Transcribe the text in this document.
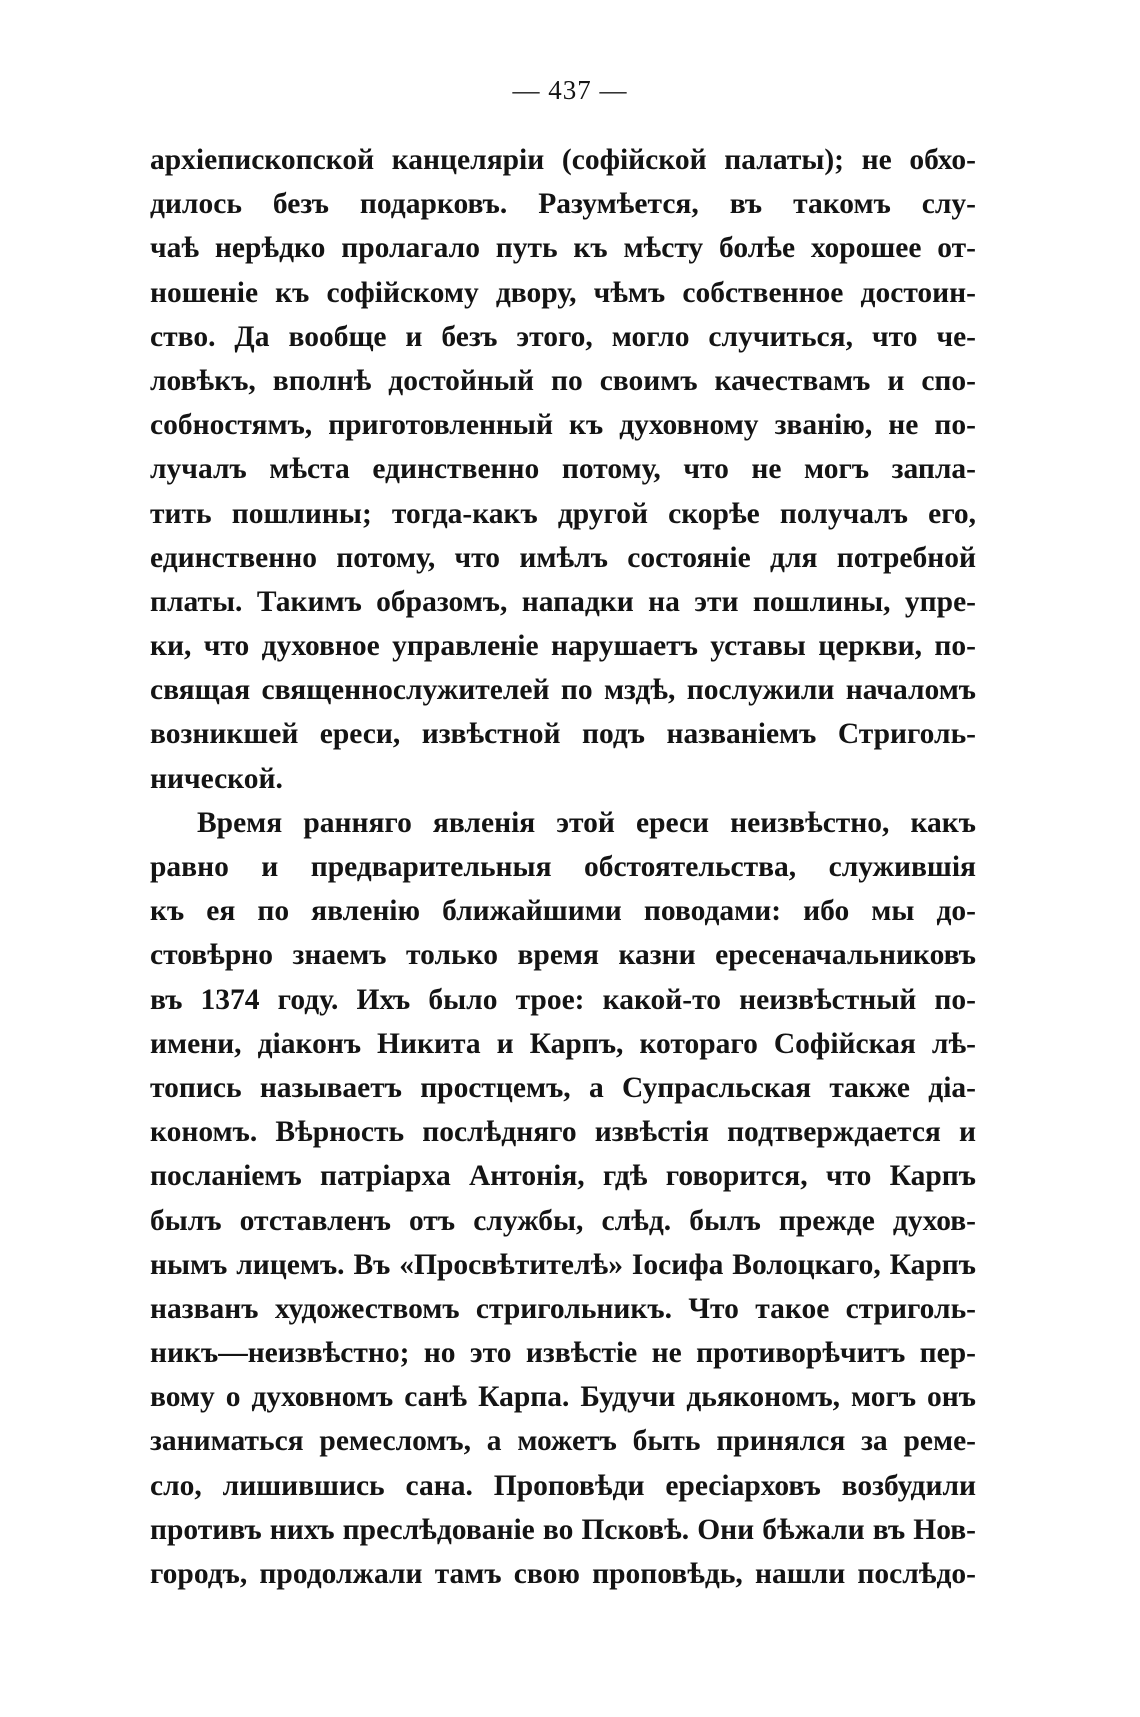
— 437 —
архіепископской канцеляріи (софійской палаты); не обхо-
дилось безъ подарковъ. Разумѣется, въ такомъ слу-
чаѣ нерѣдко пролагало путь къ мѣсту болѣе хорошее от-
ношеніе къ софійскому двору, чѣмъ собственное достоин-
ство. Да вообще и безъ этого, могло случиться, что че-
ловѣкъ, вполнѣ достойный по своимъ качествамъ и спо-
собностямъ, приготовленный къ духовному званію, не по-
лучалъ мѣста единственно потому, что не могъ запла-
тить пошлины; тогда-какъ другой скорѣе получалъ его,
единственно потому, что имѣлъ состояніе для потребной
платы. Такимъ образомъ, нападки на эти пошлины, упре-
ки, что духовное управленіе нарушаетъ уставы церкви, по-
свящая священнослужителей по мздѣ, послужили началомъ
возникшей ереси, извѣстной подъ названіемъ Стриголь-
нической.
Время ранняго явленія этой ереси неизвѣстно, какъ
равно и предварительныя обстоятельства, служившія
къ ея по явленію ближайшими поводами: ибо мы до-
стовѣрно знаемъ только время казни ересеначальниковъ
въ 1374 году. Ихъ было трое: какой-то неизвѣстный по-
имени, діаконъ Никита и Карпъ, котораго Софійская лѣ-
топись называетъ простцемъ, а Супрасльская также діа-
кономъ. Вѣрность послѣдняго извѣстія подтверждается и
посланіемъ патріарха Антонія, гдѣ говорится, что Карпъ
былъ отставленъ отъ службы, слѣд. былъ прежде духов-
нымъ лицемъ. Въ «Просвѣтителѣ» Іосифа Волоцкаго, Карпъ
названъ художествомъ стригольникъ. Что такое стриголь-
никъ—неизвѣстно; но это извѣстіе не противорѣчитъ пер-
вому о духовномъ санѣ Карпа. Будучи дьякономъ, могъ онъ
заниматься ремесломъ, а можетъ быть принялся за реме-
сло, лишившись сана. Проповѣди ересіарховъ возбудили
противъ нихъ преслѣдованіе во Псковѣ. Они бѣжали въ Нов-
городъ, продолжали тамъ свою проповѣдь, нашли послѣдо-
